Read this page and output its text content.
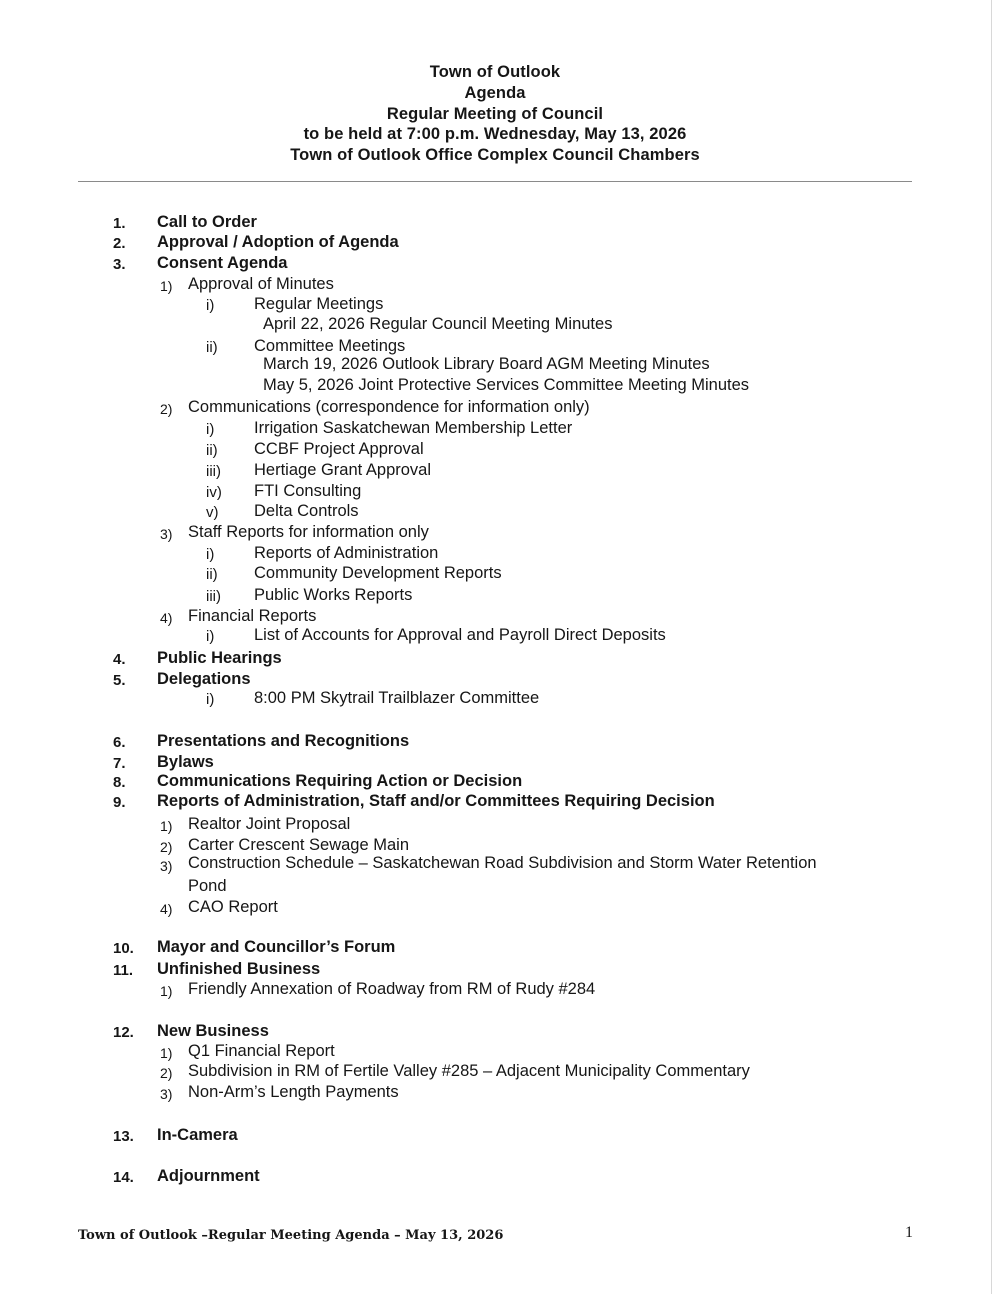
Town of Outlook
Agenda
Regular Meeting of Council
to be held at 7:00 p.m. Wednesday, May 13, 2026
Town of Outlook Office Complex Council Chambers
1. Call to Order
2. Approval / Adoption of Agenda
3. Consent Agenda
1) Approval of Minutes
i) Regular Meetings
April 22, 2026 Regular Council Meeting Minutes
ii) Committee Meetings
March 19, 2026 Outlook Library Board AGM Meeting Minutes
May 5, 2026 Joint Protective Services Committee Meeting Minutes
2) Communications (correspondence for information only)
i) Irrigation Saskatchewan Membership Letter
ii) CCBF Project Approval
iii) Hertiage Grant Approval
iv) FTI Consulting
v) Delta Controls
3) Staff Reports for information only
i) Reports of Administration
ii) Community Development Reports
iii) Public Works Reports
4) Financial Reports
i) List of Accounts for Approval and Payroll Direct Deposits
4. Public Hearings
5. Delegations
i) 8:00 PM Skytrail Trailblazer Committee
6. Presentations and Recognitions
7. Bylaws
8. Communications Requiring Action or Decision
9. Reports of Administration, Staff and/or Committees Requiring Decision
1) Realtor Joint Proposal
2) Carter Crescent Sewage Main
3) Construction Schedule – Saskatchewan Road Subdivision and Storm Water Retention
Pond
4) CAO Report
10. Mayor and Councillor’s Forum
11. Unfinished Business
1) Friendly Annexation of Roadway from RM of Rudy #284
12. New Business
1) Q1 Financial Report
2) Subdivision in RM of Fertile Valley #285 – Adjacent Municipality Commentary
3) Non-Arm’s Length Payments
13. In-Camera
14. Adjournment
Town of Outlook –Regular Meeting Agenda – May 13, 2026	1
